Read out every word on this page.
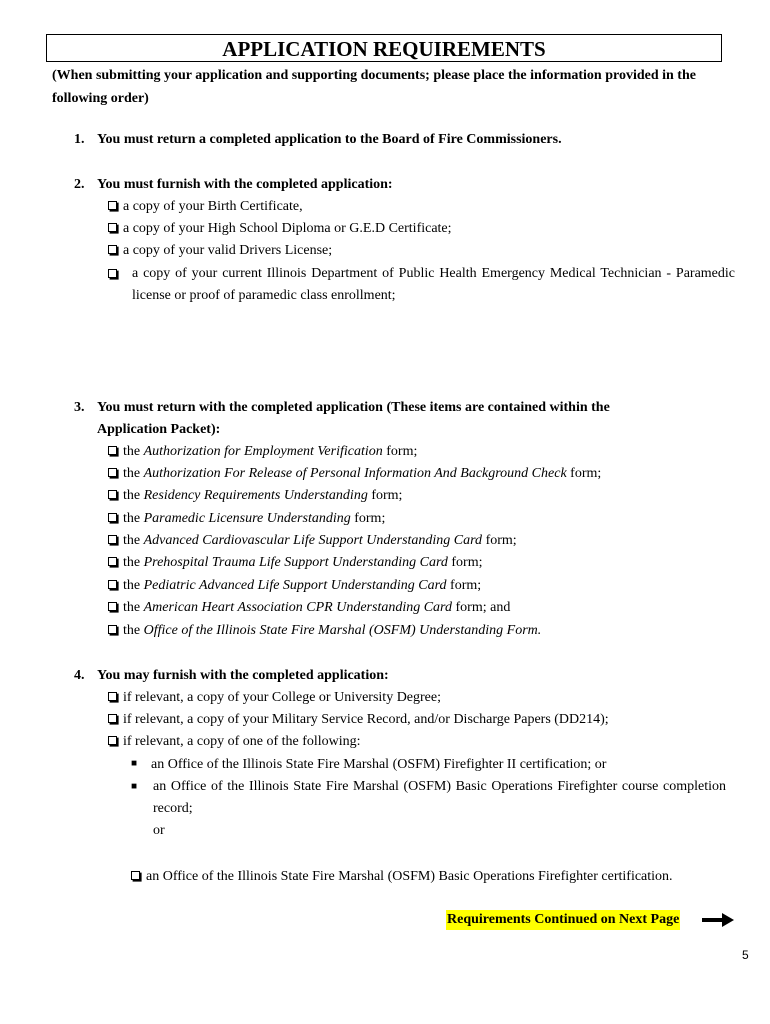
APPLICATION REQUIREMENTS
(When submitting your application and supporting documents; please place the information provided in the following order)
1. You must return a completed application to the Board of Fire Commissioners.
2. You must furnish with the completed application:
a copy of your Birth Certificate,
a copy of your High School Diploma or G.E.D Certificate;
a copy of your valid Drivers License;
a copy of your current Illinois Department of Public Health Emergency Medical Technician - Paramedic license or proof of paramedic class enrollment;
3. You must return with the completed application (These items are contained within the
Application Packet):
the Authorization for Employment Verification form;
the Authorization For Release of Personal Information And Background Check form;
the Residency Requirements Understanding form;
the Paramedic Licensure Understanding form;
the Advanced Cardiovascular Life Support Understanding Card form;
the Prehospital Trauma Life Support Understanding Card form;
the Pediatric Advanced Life Support Understanding Card form;
the American Heart Association CPR Understanding Card form; and
the Office of the Illinois State Fire Marshal (OSFM) Understanding Form.
4. You may furnish with the completed application:
if relevant, a copy of your College or University Degree;
if relevant, a copy of your Military Service Record, and/or Discharge Papers (DD214);
if relevant, a copy of one of the following:
■ an Office of the Illinois State Fire Marshal (OSFM) Firefighter II certification; or
■	an Office of the Illinois State Fire Marshal (OSFM) Basic Operations Firefighter course completion record;
or
an Office of the Illinois State Fire Marshal (OSFM) Basic Operations Firefighter certification.
Requirements Continued on Next Page
5
